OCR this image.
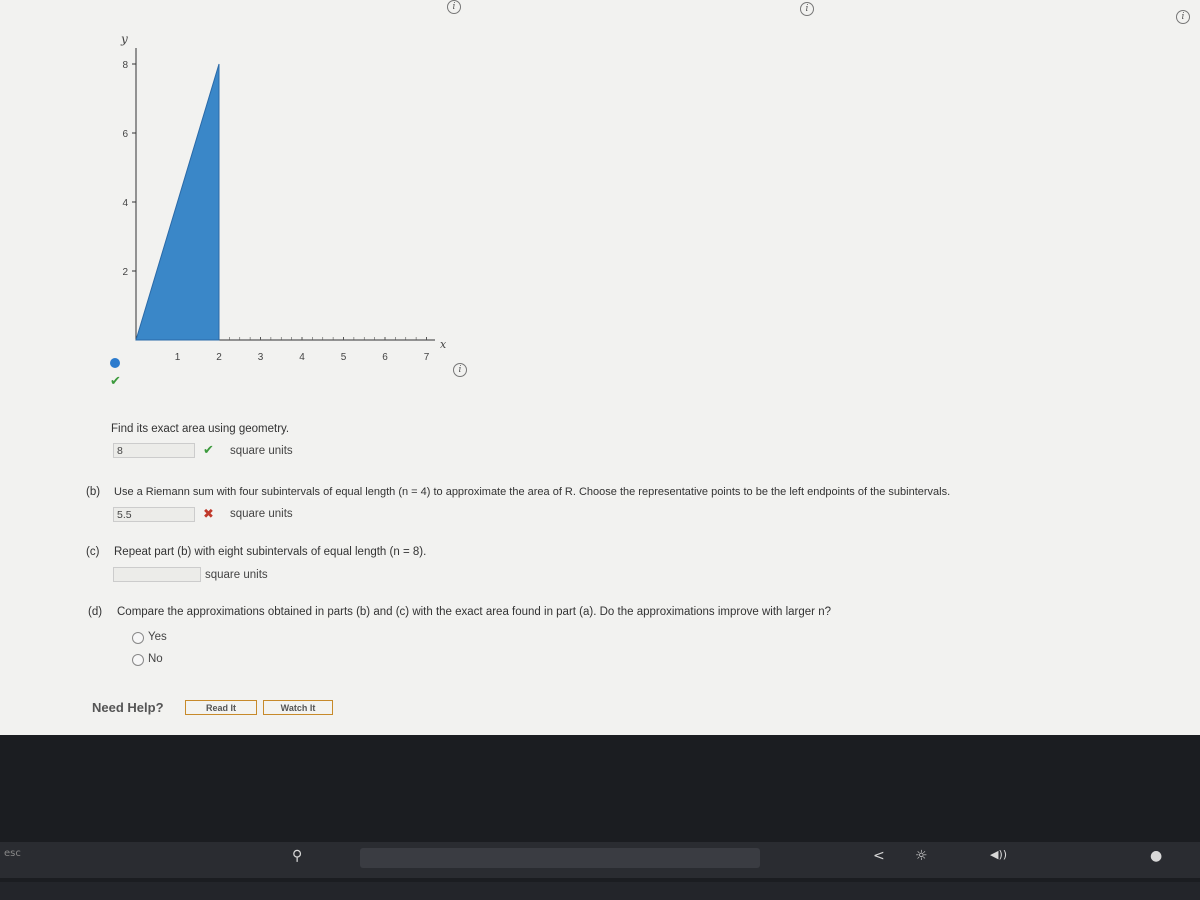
i	i
i
y
8
6
4
2
1	2	3	4	5	6	7
x
i
✔
Find its exact area using geometry.
8	✔ square units
(b) Use a Riemann sum with four subintervals of equal length (n = 4) to approximate the area of R. Choose the representative points to be the left endpoints of the subintervals.
5.5	✖ square units
(c) Repeat part (b) with eight subintervals of equal length (n = 8).
square units
(d) Compare the approximations obtained in parts (b) and (c) with the exact area found in part (a). Do the approximations improve with larger n?
Yes
No
Need Help?	Read It	Watch It
esc	⚲	< ☼	◀))	●
